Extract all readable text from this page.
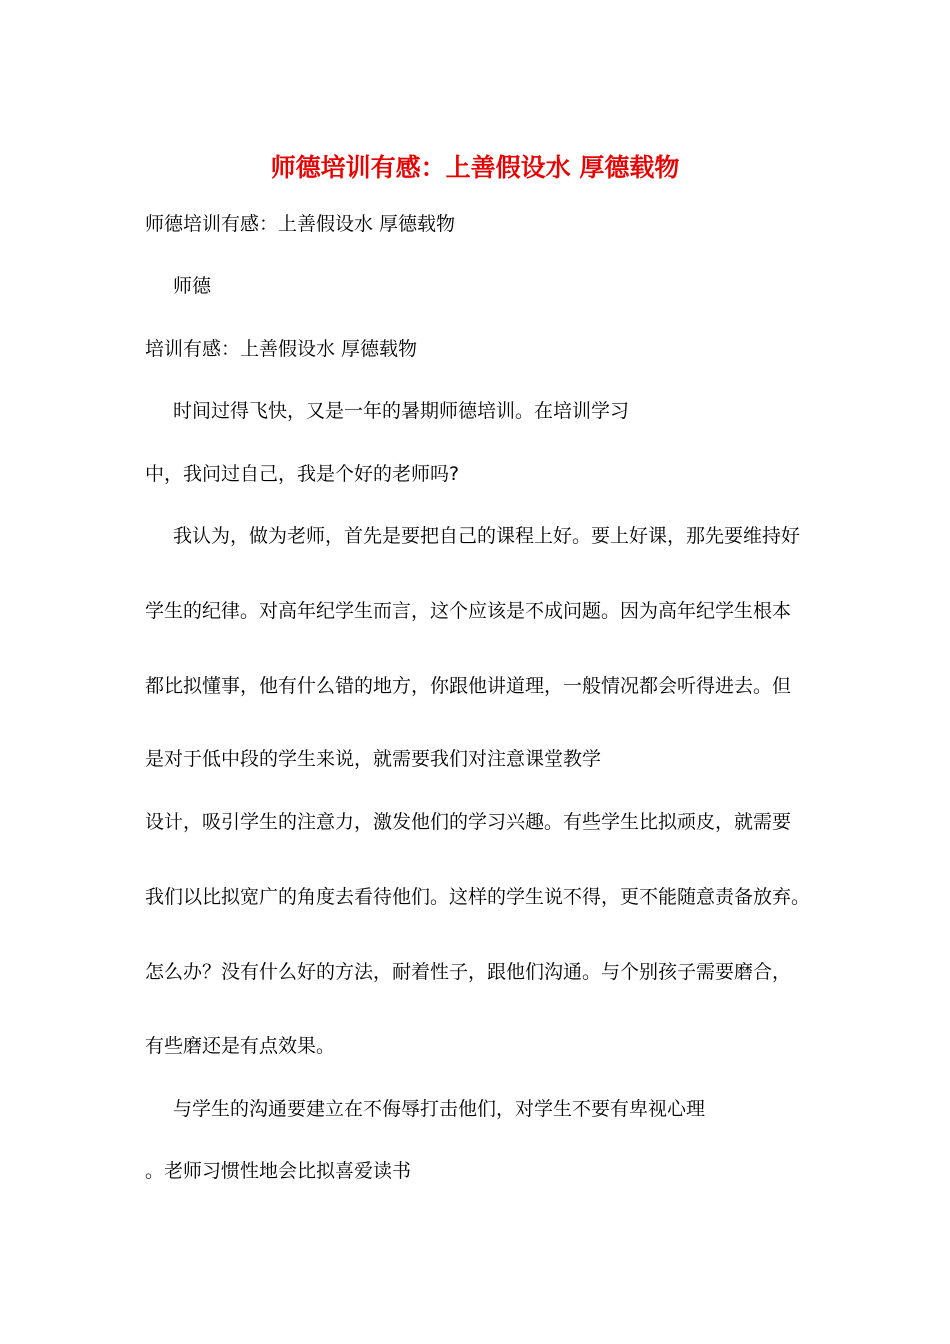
师德培训有感：上善假设水 厚德载物
师德培训有感：上善假设水 厚德载物
师德
培训有感：上善假设水 厚德载物
时间过得飞快，又是一年的暑期师德培训。在培训学习
中，我问过自己，我是个好的老师吗?
我认为，做为老师，首先是要把自己的课程上好。要上好课，那先要维持好
学生的纪律。对高年纪学生而言，这个应该是不成问题。因为高年纪学生根本
都比拟懂事，他有什么错的地方，你跟他讲道理，一般情况都会听得进去。但
是对于低中段的学生来说，就需要我们对注意课堂教学
设计，吸引学生的注意力，激发他们的学习兴趣。有些学生比拟顽皮，就需要
我们以比拟宽广的角度去看待他们。这样的学生说不得，更不能随意责备放弃。
怎么办？没有什么好的方法，耐着性子，跟他们沟通。与个别孩子需要磨合，
有些磨还是有点效果。
与学生的沟通要建立在不侮辱打击他们，对学生不要有卑视心理
。老师习惯性地会比拟喜爱读书
